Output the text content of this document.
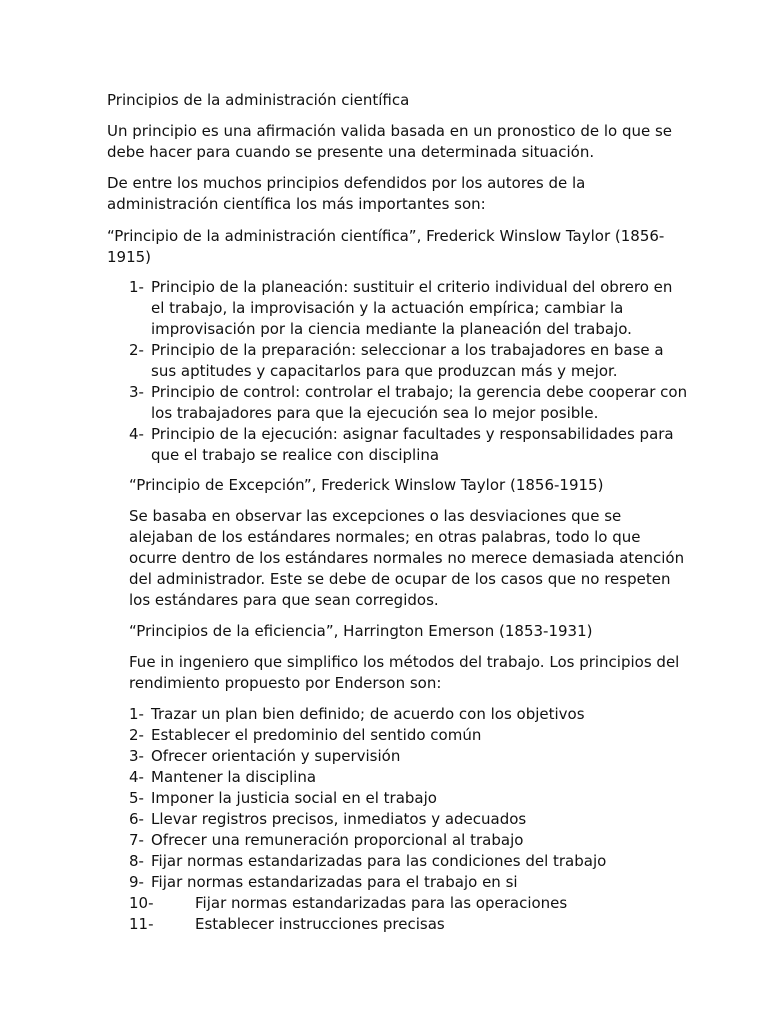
Principios de la administración científica

Un principio es una afirmación valida basada en un pronostico de lo que se debe hacer para cuando se presente una determinada situación.

De entre los muchos principios defendidos por los autores de la administración científica los más importantes son:

“Principio de la administración científica”, Frederick Winslow Taylor (1856-1915)

1- Principio de la planeación: sustituir el criterio individual del obrero en el trabajo, la improvisación y la actuación empírica; cambiar la improvisación por la ciencia mediante la planeación del trabajo.
2- Principio de la preparación: seleccionar a los trabajadores en base a sus aptitudes y capacitarlos para que produzcan más y mejor.
3- Principio de control: controlar el trabajo; la gerencia debe cooperar con los trabajadores para que la ejecución sea lo mejor posible.
4- Principio de la ejecución: asignar facultades y responsabilidades para que el trabajo se realice con disciplina

“Principio de Excepción”, Frederick Winslow Taylor (1856-1915)

Se basaba en observar las excepciones o las desviaciones que se alejaban de los estándares normales; en otras palabras, todo lo que ocurre dentro de los estándares normales no merece demasiada atención del administrador. Este se debe de ocupar de los casos que no respeten los estándares para que sean corregidos.

“Principios de la eficiencia”, Harrington Emerson (1853-1931)

Fue in ingeniero que simplifico los métodos del trabajo. Los principios del rendimiento propuesto por Enderson son:

1- Trazar un plan bien definido; de acuerdo con los objetivos
2- Establecer el predominio del sentido común
3- Ofrecer orientación y supervisión
4- Mantener la disciplina
5- Imponer la justicia social en el trabajo
6- Llevar registros precisos, inmediatos y adecuados
7- Ofrecer una remuneración proporcional al trabajo
8- Fijar normas estandarizadas para las condiciones del trabajo
9- Fijar normas estandarizadas para el trabajo en si
10-	Fijar normas estandarizadas para las operaciones
11-	Establecer instrucciones precisas
